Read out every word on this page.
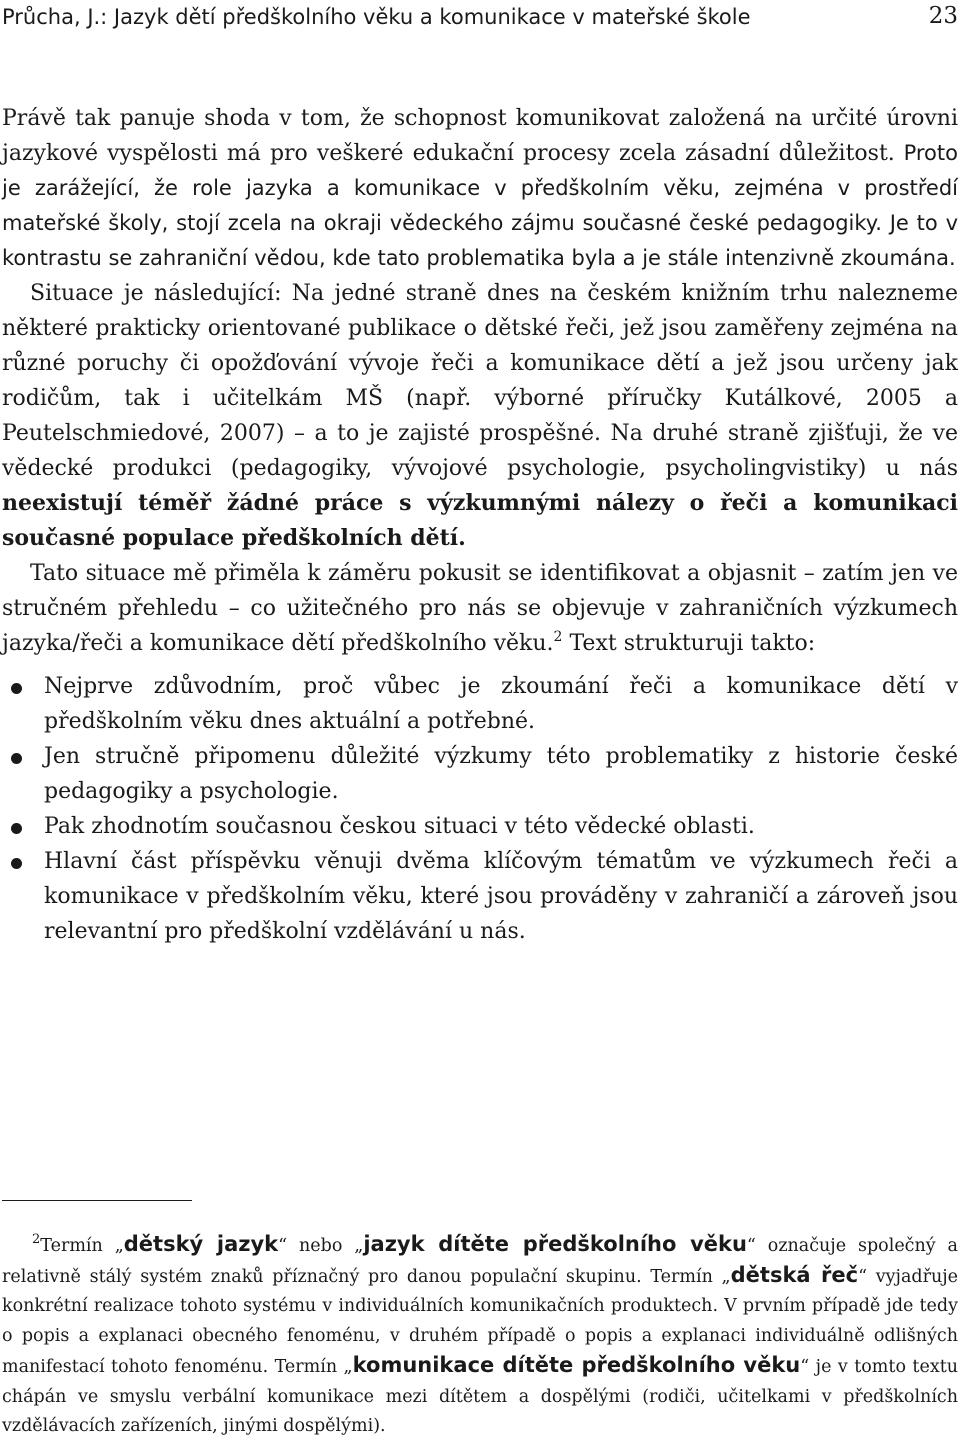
Průcha, J.: Jazyk dětí předškolního věku a komunikace v mateřské škole	23

Právě tak panuje shoda v tom, že schopnost komunikovat založená na určité úrovni jazykové vyspělosti má pro veškeré edukační procesy zcela zásadní důležitost. Proto je zarážející, že role jazyka a komunikace v předškolním věku, zejména v prostředí mateřské školy, stojí zcela na okraji vědeckého zájmu současné české pedagogiky. Je to v kontrastu se zahraniční vědou, kde tato problematika byla a je stále intenzivně zkoumána.

Situace je následující: Na jedné straně dnes na českém knižním trhu nalezneme některé prakticky orientované publikace o dětské řeči, jež jsou zaměřeny zejména na různé poruchy či opožďování vývoje řeči a komunikace dětí a jež jsou určeny jak rodičům, tak i učitelkám MŠ (např. výborné příručky Kutálkové, 2005 a Peutelschmiedové, 2007) – a to je zajisté prospěšné. Na druhé straně zjišťuji, že ve vědecké produkci (pedagogiky, vývojové psychologie, psycholingvistiky) u nás neexistují téměř žádné práce s výzkumnými nálezy o řeči a komunikaci současné populace předškolních dětí.

Tato situace mě přiměla k záměru pokusit se identifikovat a objasnit – zatím jen ve stručném přehledu – co užitečného pro nás se objevuje v zahraničních výzkumech jazyka/řeči a komunikace dětí předškolního věku.$^2$ Text strukturuji takto:

Nejprve zdůvodním, proč vůbec je zkoumání řeči a komunikace dětí v předškolním věku dnes aktuální a potřebné.
Jen stručně připomenu důležité výzkumy této problematiky z historie české pedagogiky a psychologie.
Pak zhodnotím současnou českou situaci v této vědecké oblasti.
Hlavní část příspěvku věnuji dvěma klíčovým tématům ve výzkumech řeči a komunikace v předškolním věku, které jsou prováděny v zahraničí a zároveň jsou relevantní pro předškolní vzdělávání u nás.

$^2$Termín „dětský jazyk“ nebo „jazyk dítěte předškolního věku“ označuje společný a relativně stálý systém znaků příznačný pro danou populační skupinu. Termín „dětská řeč“ vyjadřuje konkrétní realizace tohoto systému v individuálních komunikačních produktech. V prvním případě jde tedy o popis a explanaci obecného fenoménu, v druhém případě o popis a explanaci individuálně odlišných manifestací tohoto fenoménu. Termín „komunikace dítěte předškolního věku“ je v tomto textu chápán ve smyslu verbální komunikace mezi dítětem a dospělými (rodiči, učitelkami v předškolních vzdělávacích zařízeních, jinými dospělými).
